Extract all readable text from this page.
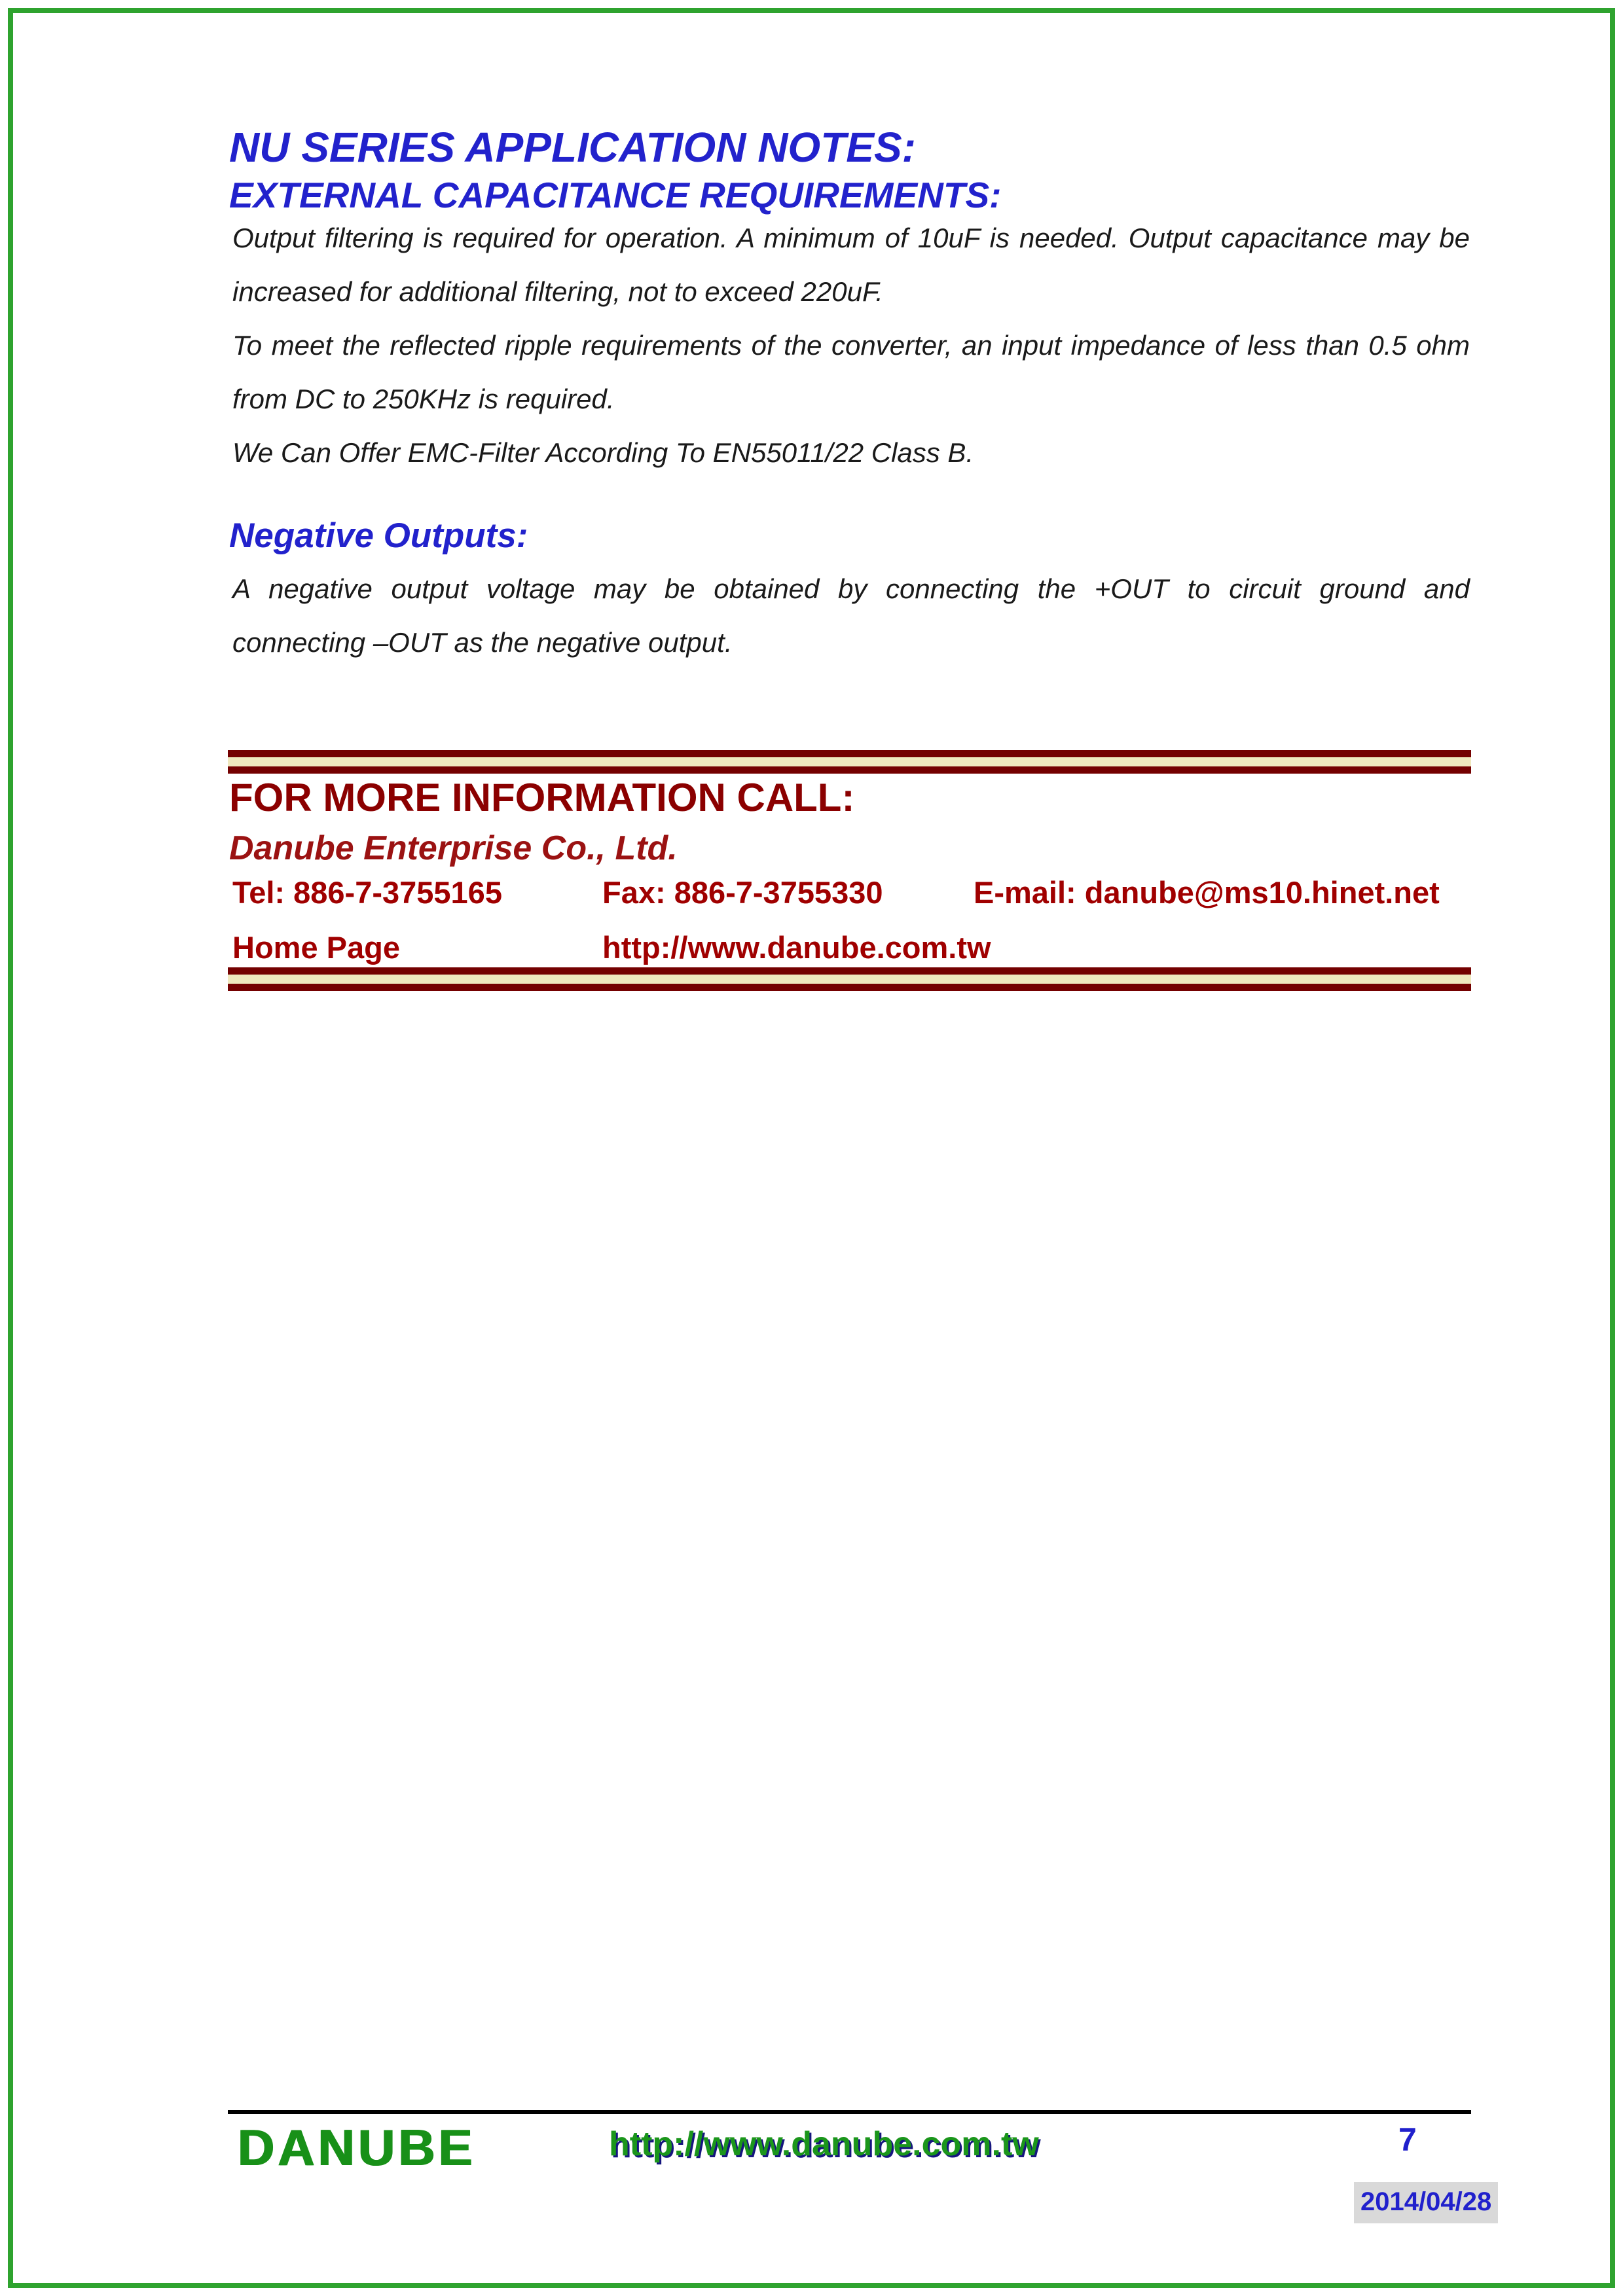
NU SERIES APPLICATION NOTES:
EXTERNAL CAPACITANCE REQUIREMENTS:
Output filtering is required for operation. A minimum of 10uF is needed. Output capacitance may be
increased for additional filtering, not to exceed 220uF.
To meet the reflected ripple requirements of the converter, an input impedance of less than 0.5 ohm
from DC to 250KHz is required.
We Can Offer EMC-Filter According To EN55011/22 Class B.
Negative Outputs:
A negative output voltage may be obtained by connecting the +OUT to circuit ground and
connecting –OUT as the negative output.
FOR MORE INFORMATION CALL:
Danube Enterprise Co., Ltd.
Tel: 886-7-3755165	Fax: 886-7-3755330	E-mail: danube@ms10.hinet.net
Home Page	http://www.danube.com.tw
DANUBE	http://www.danube.com.tw	7
2014/04/28
